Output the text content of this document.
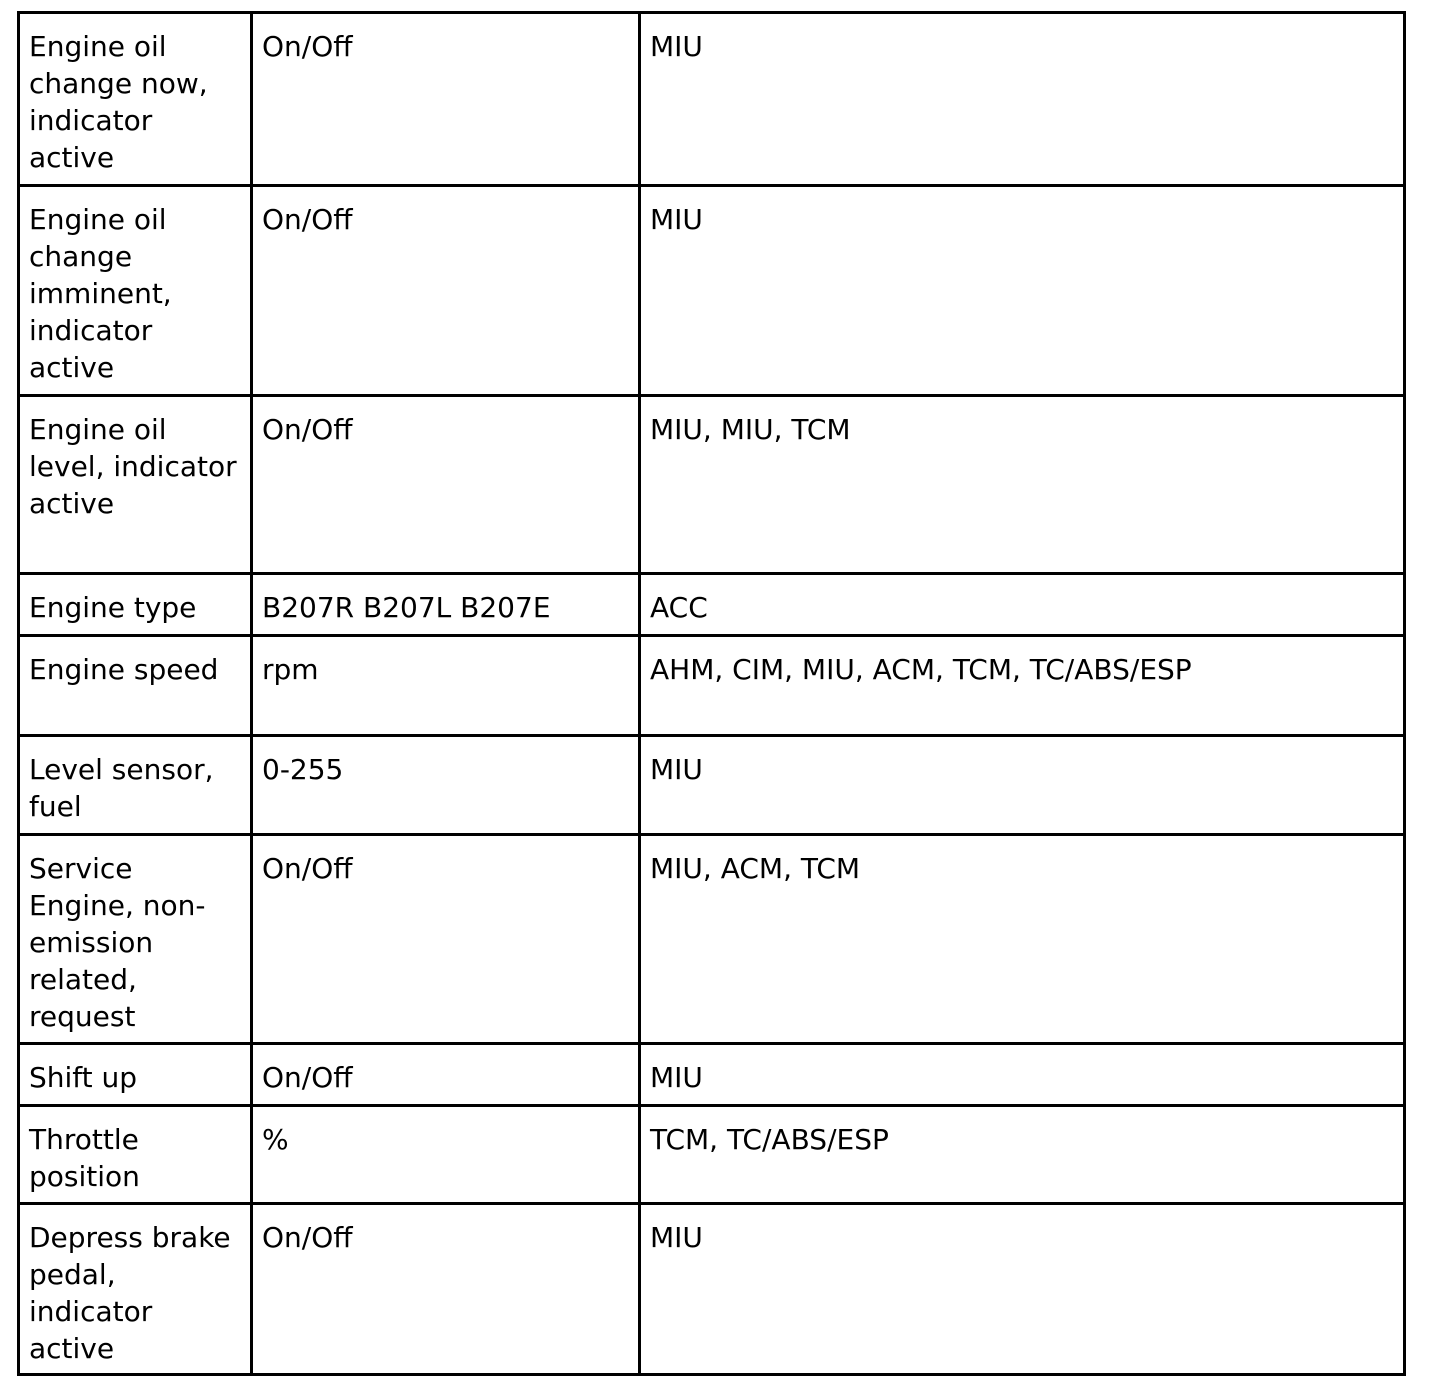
Engine oil change now, indicator active	On/Off	MIU
Engine oil change imminent, indicator active	On/Off	MIU
Engine oil level, indicator active	On/Off	MIU, MIU, TCM
Engine type	B207R B207L B207E	ACC
Engine speed	rpm	AHM, CIM, MIU, ACM, TCM, TC/ABS/ESP
Level sensor, fuel	0-255	MIU
Service Engine, non-emission related, request	On/Off	MIU, ACM, TCM
Shift up	On/Off	MIU
Throttle position	%	TCM, TC/ABS/ESP
Depress brake pedal, indicator active	On/Off	MIU
